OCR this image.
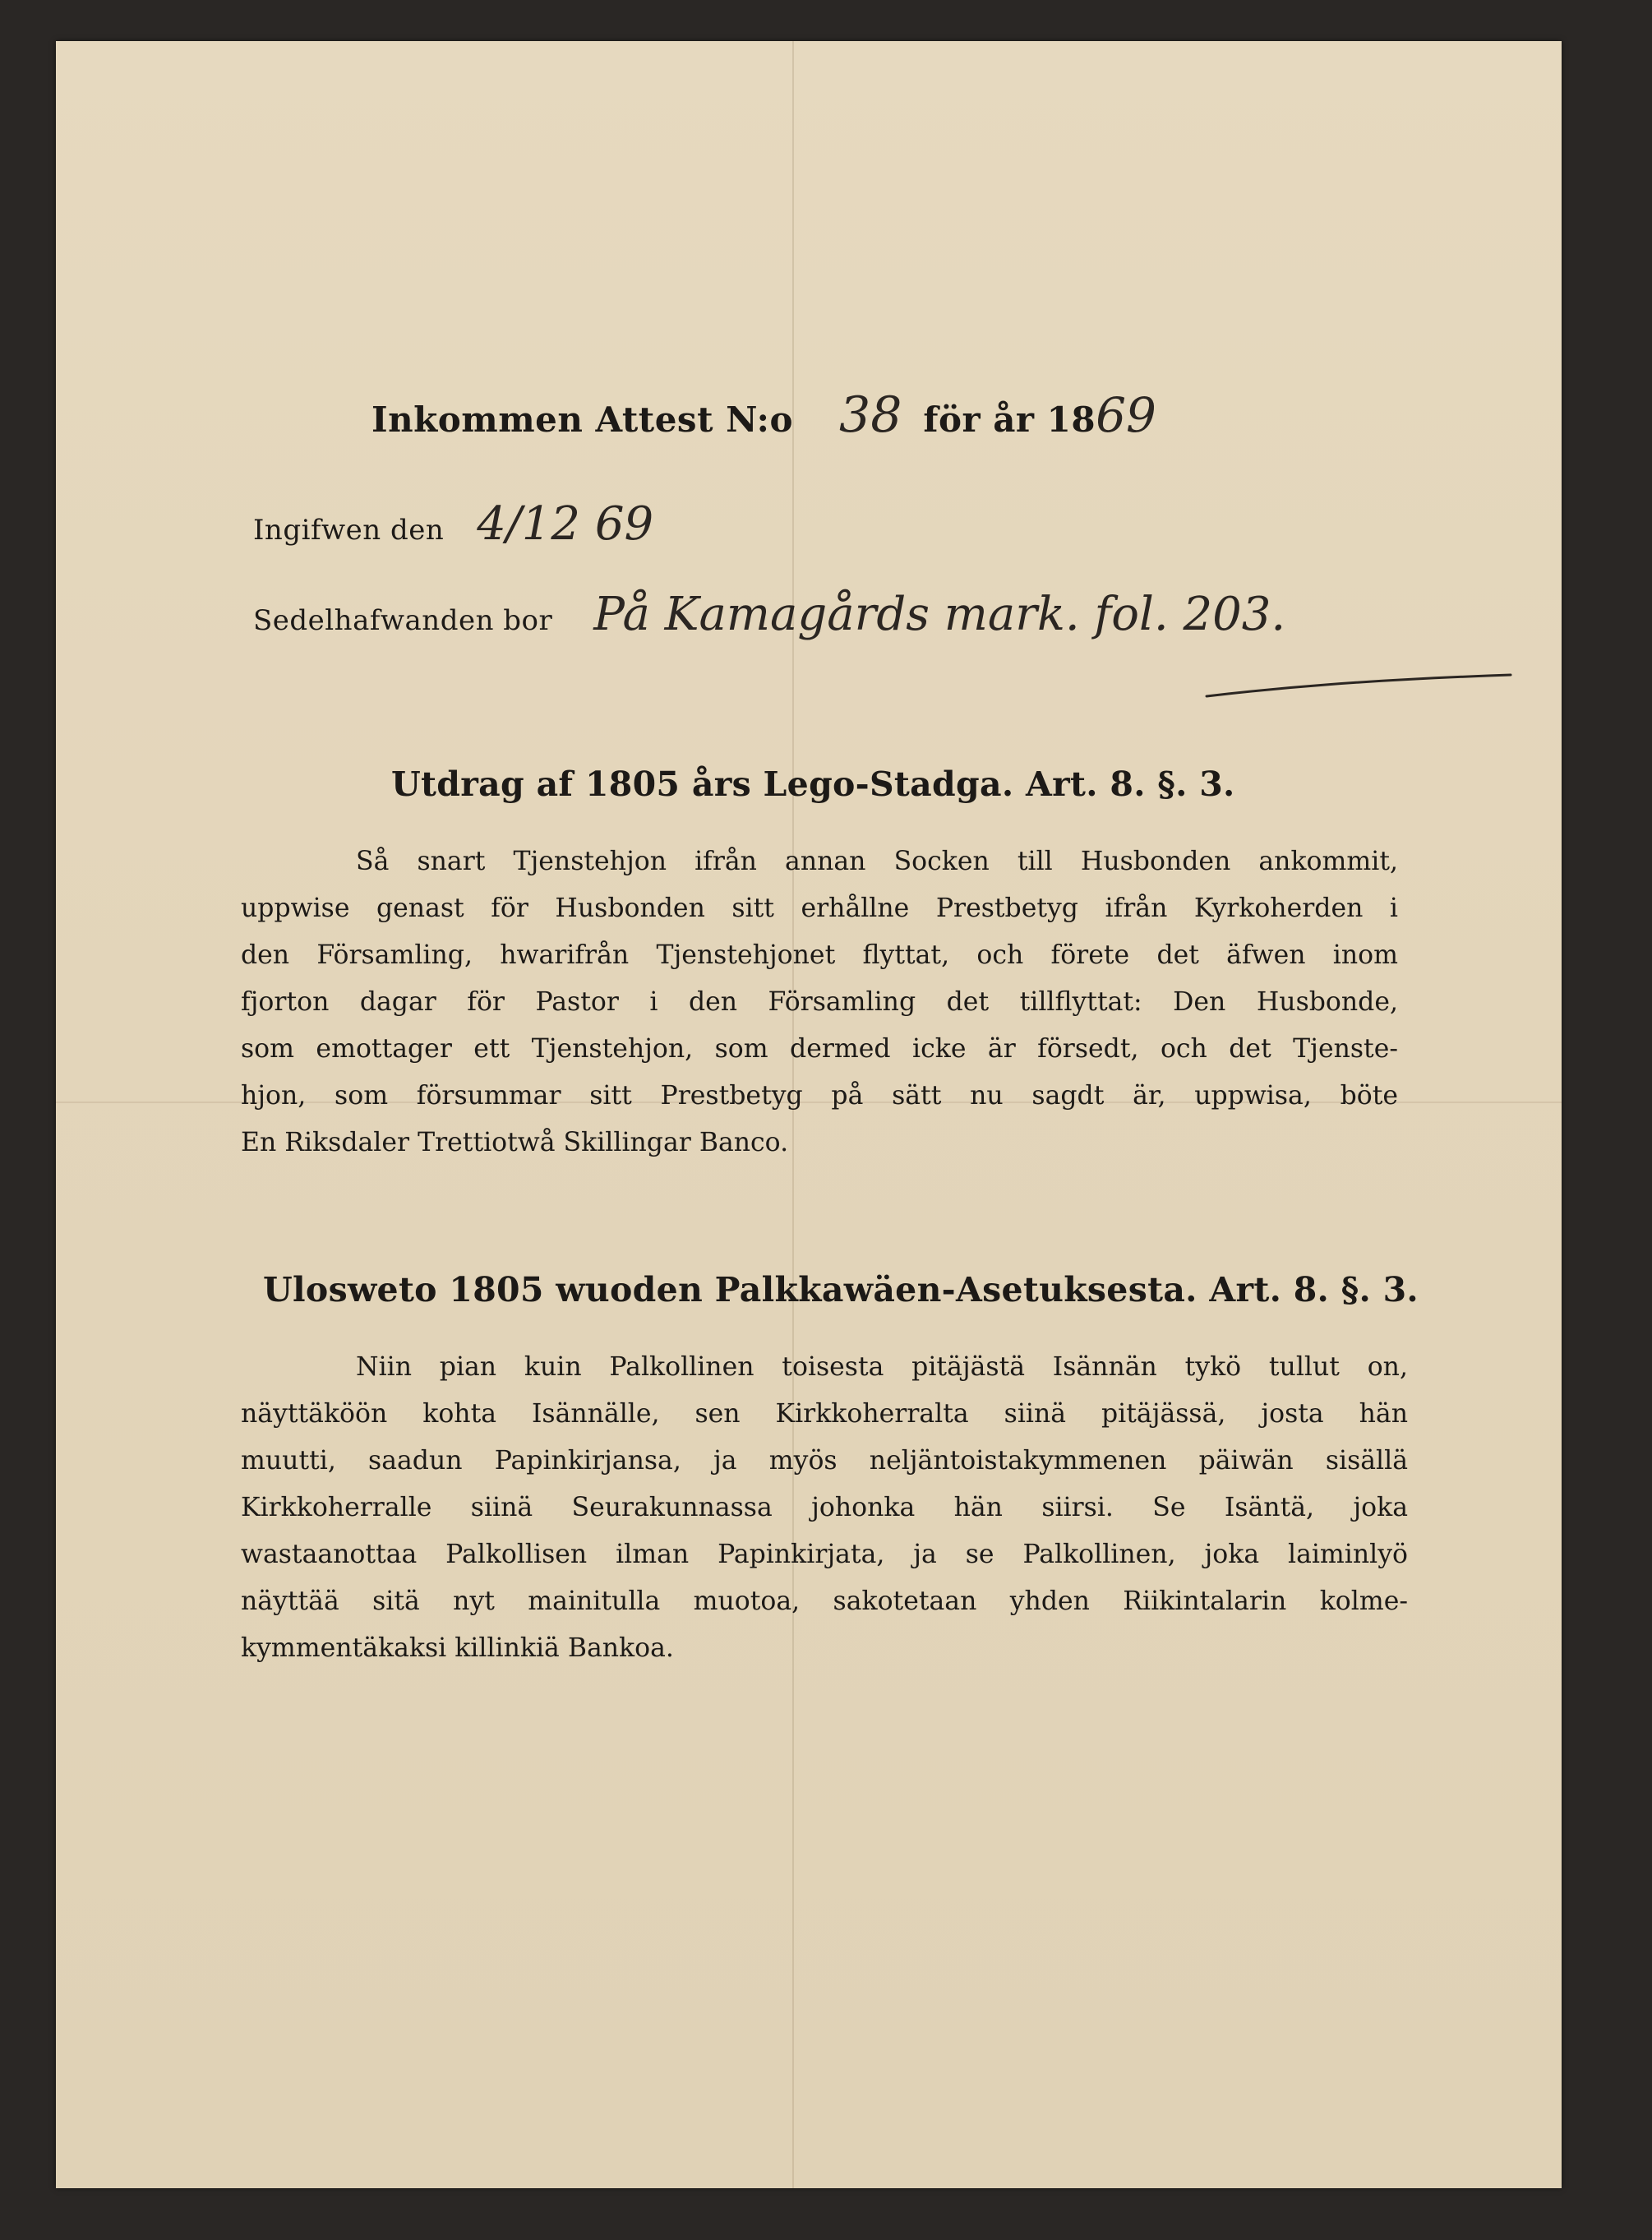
Inkommen Attest N:o 38 för år 18 69
Ingifwen den 4/12 69
Sedelhafwanden bor På Kamagårds mark. fol. 203.
Utdrag af 1805 års Lego-Stadga. Art. 8. §. 3.
Så snart Tjenstehjon ifrån annan Socken till Husbonden ankommit,
uppwise genast för Husbonden sitt erhållne Prestbetyg ifrån Kyrkoherden i
den Församling, hwarifrån Tjenstehjonet flyttat, och förete det äfwen inom
fjorton dagar för Pastor i den Församling det tillflyttat: Den Husbonde,
som emottager ett Tjenstehjon, som dermed icke är försedt, och det Tjenste-
hjon, som försummar sitt Prestbetyg på sätt nu sagdt är, uppwisa, böte
En Riksdaler Trettiotwå Skillingar Banco.
Ulosweto 1805 wuoden Palkkawäen-Asetuksesta. Art. 8. §. 3.
Niin pian kuin Palkollinen toisesta pitäjästä Isännän tykö tullut on,
näyttäköön kohta Isännälle, sen Kirkkoherralta siinä pitäjässä, josta hän
muutti, saadun Papinkirjansa, ja myös neljäntoistakymmenen päiwän sisällä
Kirkkoherralle siinä Seurakunnassa johonka hän siirsi. Se Isäntä, joka
wastaanottaa Palkollisen ilman Papinkirjata, ja se Palkollinen, joka laiminlyö
näyttää sitä nyt mainitulla muotoa, sakotetaan yhden Riikintalarin kolme-
kymmentäkaksi killinkiä Bankoa.
